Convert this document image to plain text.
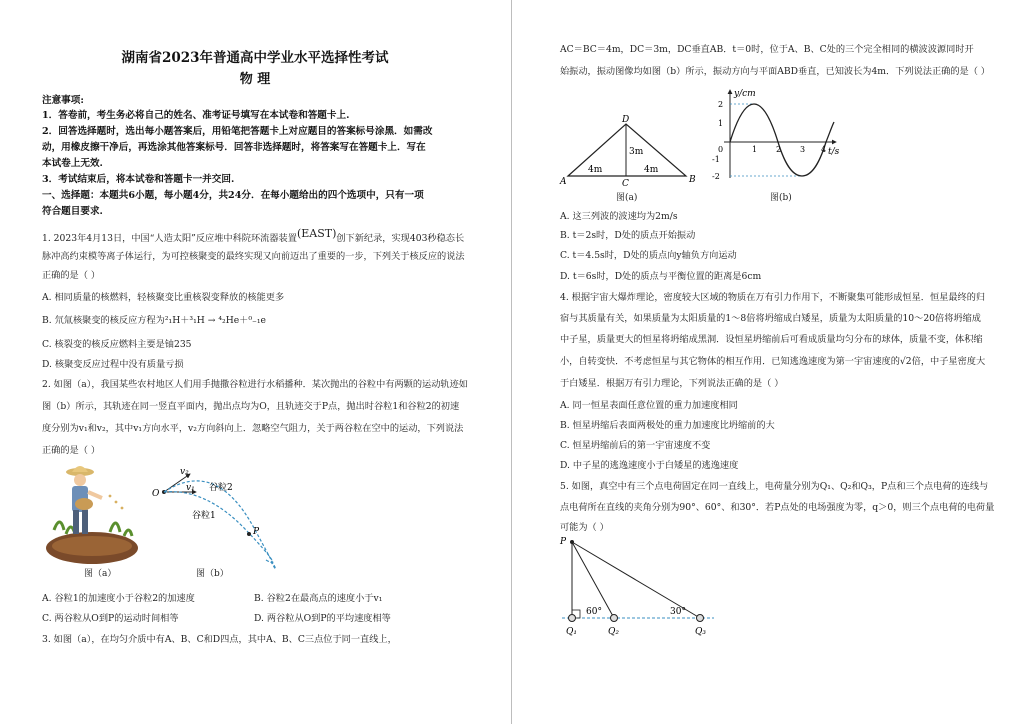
湖南省2023年普通高中学业水平选择性考试
物 理
注意事项:
1．答卷前，考生务必将自己的姓名、准考证号填写在本试卷和答题卡上.
2．回答选择题时，选出每小题答案后，用铅笔把答题卡上对应题目的答案标号涂黑．如需改
动，用橡皮擦干净后，再选涂其他答案标号．回答非选择题时，将答案写在答题卡上．写在
本试卷上无效.
3．考试结束后，将本试卷和答题卡一并交回.
一、选择题：本题共6小题，每小题4分，共24分．在每小题给出的四个选项中，只有一项
符合题目要求.
1. 2023年4月13日，中国“人造太阳”反应堆中科院环流器装置(EAST)创下新纪录，实现403秒稳态长
脉冲高约束模等离子体运行，为可控核聚变的最终实现又向前迈出了重要的一步，下列关于核反应的说法
正确的是（ ）
A. 相同质量的核燃料，轻核聚变比重核裂变释放的核能更多
B. 氘氚核聚变的核反应方程为²₁H＋³₁H → ⁴₂He＋⁰₋₁e
C. 核裂变的核反应燃料主要是铀235
D. 核聚变反应过程中没有质量亏损
2. 如图（a），我国某些农村地区人们用手抛撒谷粒进行水稻播种．某次抛出的谷粒中有两颗的运动轨迹如
图（b）所示，其轨迹在同一竖直平面内，抛出点均为O，且轨迹交于P点，抛出时谷粒1和谷粒2的初速
度分别为v₁和v₂，其中v₁方向水平，v₂方向斜向上．忽略空气阻力，关于两谷粒在空中的运动，下列说法
正确的是（ ）
图（a）
v₂
v₁
O
P
谷粒2
谷粒1
图（b）
A. 谷粒1的加速度小于谷粒2的加速度	B. 谷粒2在最高点的速度小于v₁
C. 两谷粒从O到P的运动时间相等	D. 两谷粒从O到P的平均速度相等
3. 如图（a），在均匀介质中有A、B、C和D四点，其中A、B、C三点位于同一直线上，
AC＝BC＝4m，DC＝3m，DC垂直AB．t＝0时，位于A、B、C处的三个完全相同的横波波源同时开
始振动，振动图像均如图（b）所示，振动方向与平面ABD垂直，已知波长为4m．下列说法正确的是（ ）
A	B
C
D
4m	4m
3m
图(a)
y/cm
t/s
2
1
0
-1
-2
1 2 3 4
图(b)
A. 这三列波的波速均为2m/s
B. t＝2s时，D处的质点开始振动
C. t＝4.5s时，D处的质点向y轴负方向运动
D. t＝6s时，D处的质点与平衡位置的距离是6cm
4. 根据宇宙大爆炸理论，密度较大区域的物质在万有引力作用下，不断聚集可能形成恒星．恒星最终的归
宿与其质量有关，如果质量为太阳质量的1～8倍将坍缩成白矮星，质量为太阳质量的10～20倍将坍缩成
中子星，质量更大的恒星将坍缩成黑洞．设恒星坍缩前后可看成质量均匀分布的球体，质量不变，体积缩
小，自转变快．不考虑恒星与其它物体的相互作用．已知逃逸速度为第一宇宙速度的√2倍，中子星密度大
于白矮星．根据万有引力理论，下列说法正确的是（ ）
A. 同一恒星表面任意位置的重力加速度相同
B. 恒星坍缩后表面两极处的重力加速度比坍缩前的大
C. 恒星坍缩前后的第一宇宙速度不变
D. 中子星的逃逸速度小于白矮星的逃逸速度
5. 如图，真空中有三个点电荷固定在同一直线上，电荷量分别为Q₁、Q₂和Q₃，P点和三个点电荷的连线与
点电荷所在直线的夹角分别为90°、60°、和30°．若P点处的电场强度为零，q＞0，则三个点电荷的电荷量
可能为（ ）
P
Q₁	Q₂	Q₃
60°	30°
